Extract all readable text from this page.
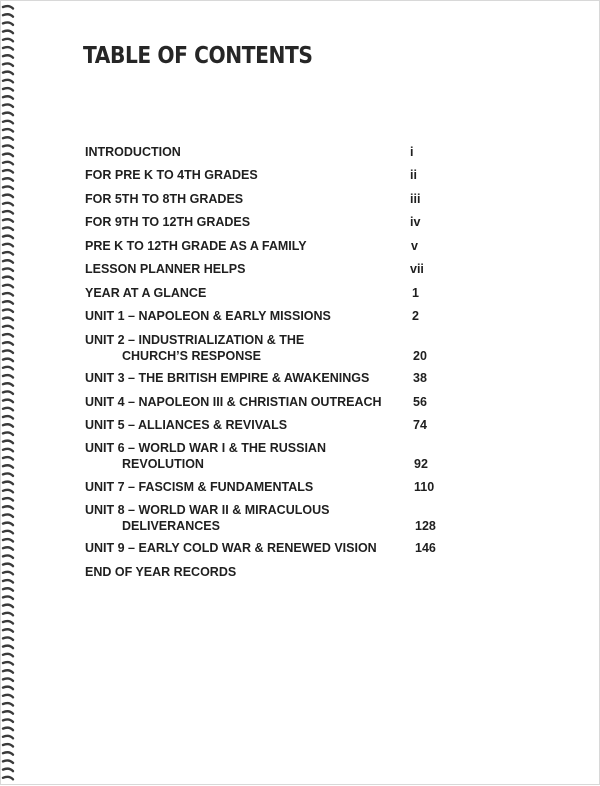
TABLE OF CONTENTS
INTRODUCTION	i
FOR PRE K TO 4TH GRADES	ii
FOR 5TH TO 8TH GRADES	iii
FOR 9TH TO 12TH GRADES	iv
PRE K TO 12TH GRADE AS A FAMILY	v
LESSON PLANNER HELPS	vii
YEAR AT A GLANCE	1
UNIT 1 – NAPOLEON & EARLY MISSIONS	2
UNIT 2 – INDUSTRIALIZATION & THE
CHURCH’S RESPONSE	20
UNIT 3 – THE BRITISH EMPIRE & AWAKENINGS	38
UNIT 4 – NAPOLEON III & CHRISTIAN OUTREACH	56
UNIT 5 – ALLIANCES & REVIVALS	74
UNIT 6 – WORLD WAR I & THE RUSSIAN
REVOLUTION	92
UNIT 7 – FASCISM & FUNDAMENTALS	110
UNIT 8 – WORLD WAR II & MIRACULOUS
DELIVERANCES	128
UNIT 9 – EARLY COLD WAR & RENEWED VISION	146
END OF YEAR RECORDS
